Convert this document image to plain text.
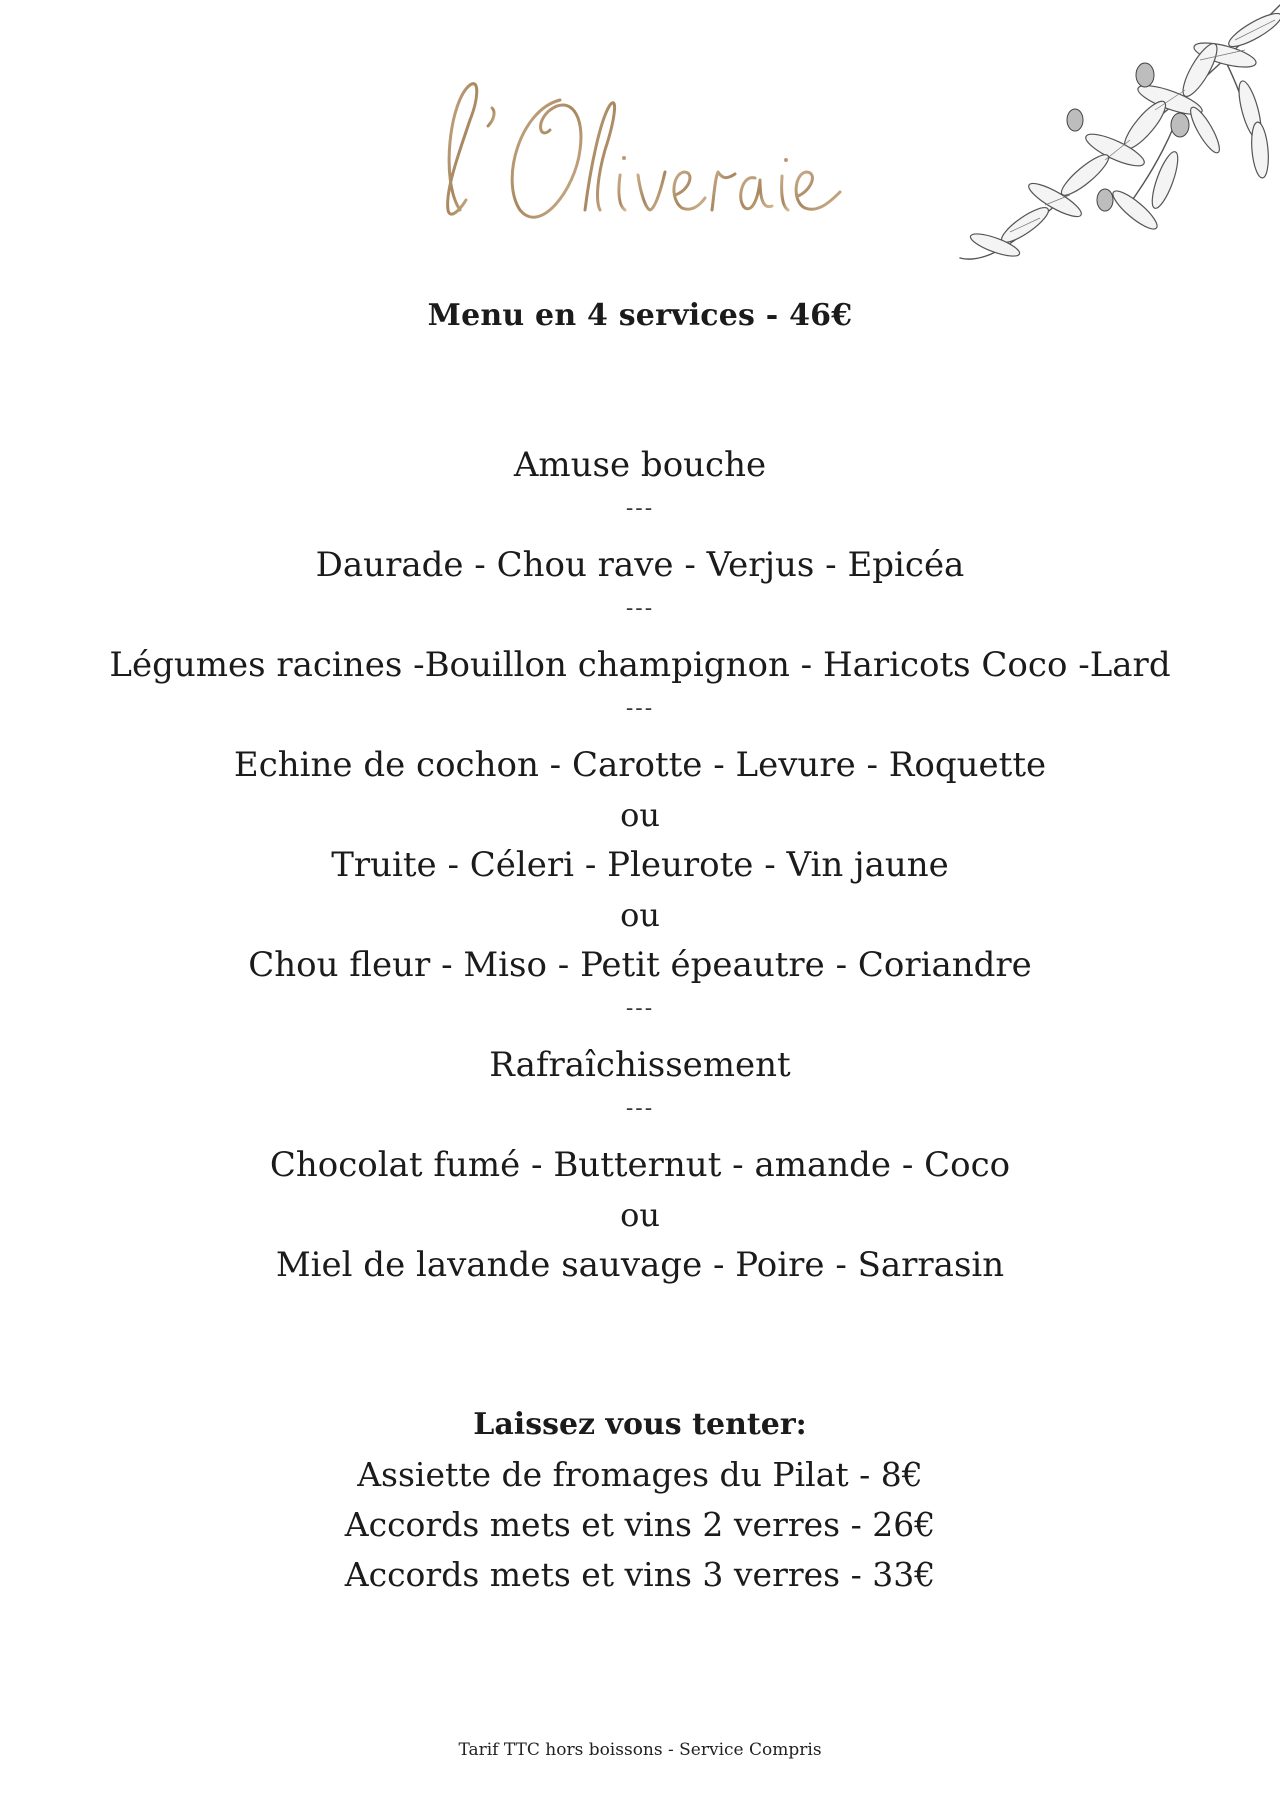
Menu en 4 services - 46€
Amuse bouche
---
Daurade - Chou rave - Verjus - Epicéa
---
Légumes racines -Bouillon champignon - Haricots Coco -Lard
---
Echine de cochon - Carotte - Levure - Roquette
ou
Truite - Céleri - Pleurote - Vin jaune
ou
Chou fleur - Miso - Petit épeautre - Coriandre
---
Rafraîchissement
---
Chocolat fumé - Butternut - amande - Coco
ou
Miel de lavande sauvage - Poire - Sarrasin
Laissez vous tenter:
Assiette de fromages du Pilat - 8€
Accords mets et vins 2 verres - 26€
Accords mets et vins 3 verres - 33€
Tarif TTC hors boissons - Service Compris
